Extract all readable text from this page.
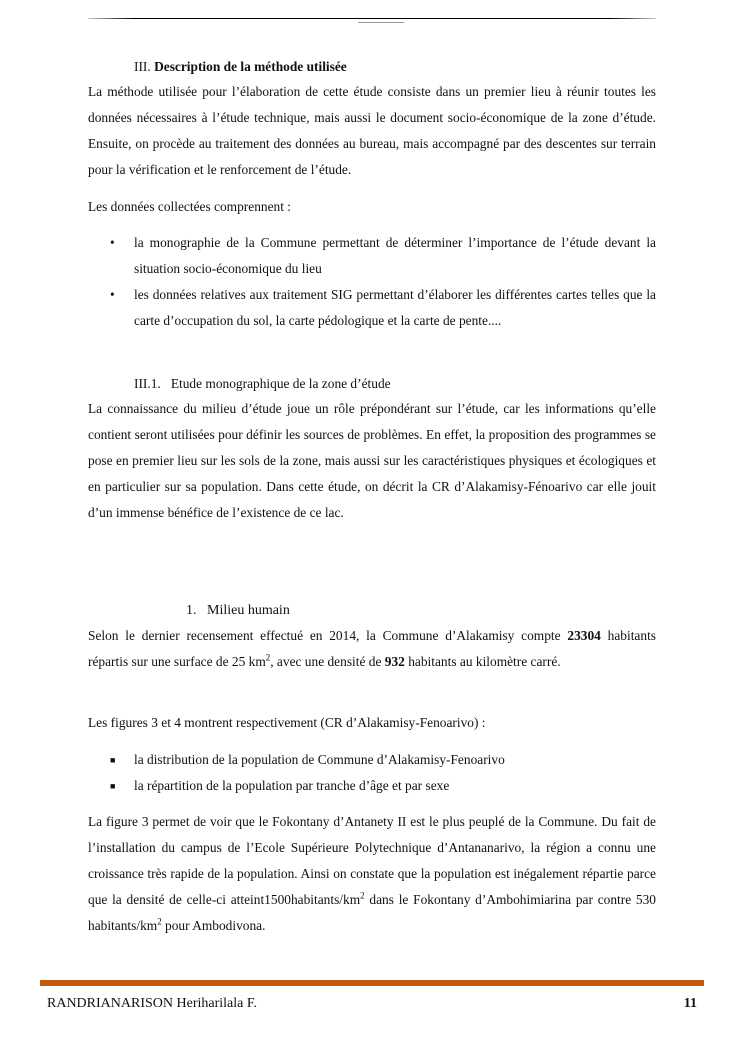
III. Description de la méthode utilisée
La méthode utilisée pour l’élaboration de cette étude consiste dans un premier lieu à réunir toutes les données nécessaires à l’étude technique, mais aussi le document socio-économique de la zone d’étude. Ensuite, on procède au traitement des données au bureau, mais accompagné par des descentes sur terrain pour la vérification et le renforcement de l’étude.
Les données collectées comprennent :
• la monographie de la Commune permettant de déterminer l’importance de l’étude devant la situation socio-économique du lieu
• les données relatives aux traitement SIG permettant d’élaborer les différentes cartes telles que la carte d’occupation du sol, la carte pédologique et la carte de pente....
III.1. Etude monographique de la zone d’étude
La connaissance du milieu d’étude joue un rôle prépondérant sur l’étude, car les informations qu’elle contient seront utilisées pour définir les sources de problèmes. En effet, la proposition des programmes se pose en premier lieu sur les sols de la zone, mais aussi sur les caractéristiques physiques et écologiques et en particulier sur sa population. Dans cette étude, on décrit la CR d’Alakamisy-Fénoarivo car elle jouit d’un immense bénéfice de l’existence de ce lac.
1. Milieu humain
Selon le dernier recensement effectué en 2014, la Commune d’Alakamisy compte 23304 habitants répartis sur une surface de 25 $km^2$, avec une densité de 932 habitants au kilomètre carré.
Les figures 3 et 4 montrent respectivement (CR d’Alakamisy-Fenoarivo) :
■ la distribution de la population de Commune d’Alakamisy-Fenoarivo
■ la répartition de la population par tranche d’âge et par sexe
La figure 3 permet de voir que le Fokontany d’Antanety II est le plus peuplé de la Commune. Du fait de l’installation du campus de l’Ecole Supérieure Polytechnique d’Antananarivo, la région a connu une croissance très rapide de la population. Ainsi on constate que la population est inégalement répartie parce que la densité de celle-ci $atteint1500habitants/km^2$ dans le Fokontany d’Ambohimiarina par contre 530 habitants/$km^2$ pour Ambodivona.
RANDRIANARISON Heriharilala F.	11
